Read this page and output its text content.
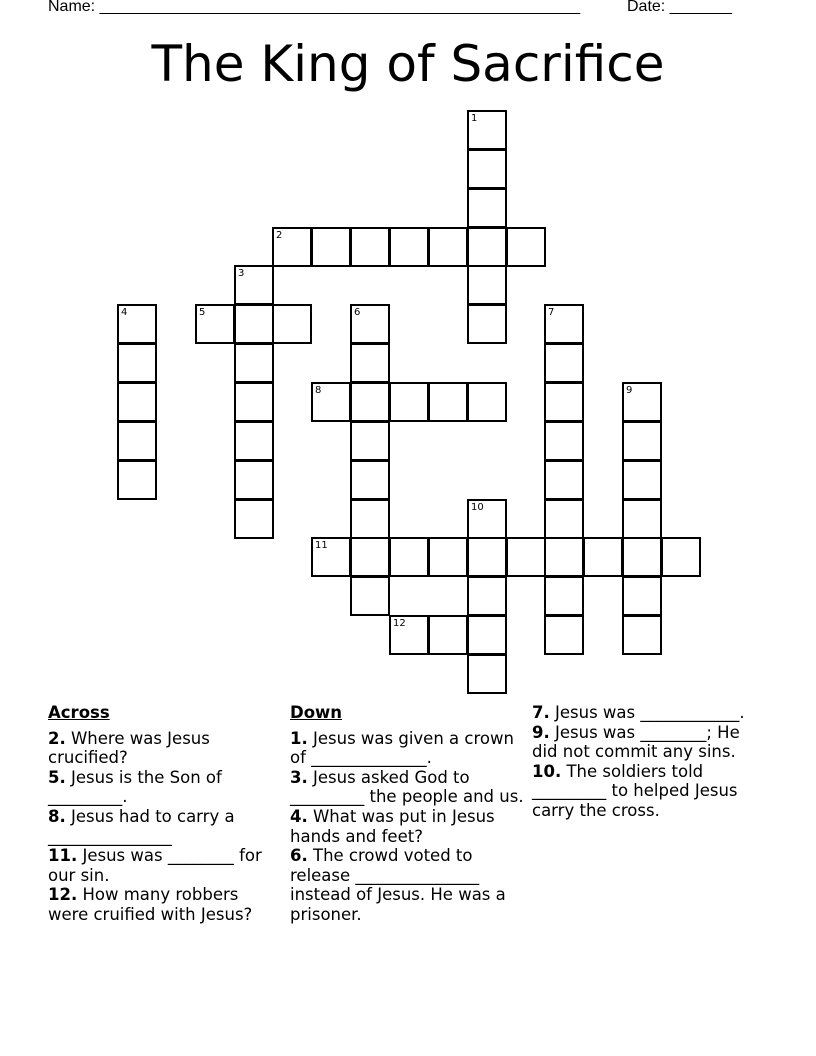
Name: ______________________________________________________	Date: _______
The King of Sacrifice
1
2
3
4	5	6	7
8	9
10
11
12
Across

2. Where was Jesus crucified?

5. Jesus is the Son of _________.

8. Jesus had to carry a _______________

11. Jesus was ________ for our sin.

12. How many robbers were cruified with Jesus?

Down

1. Jesus was given a crown of ______________.

3. Jesus asked God to _________ the people and us.

4. What was put in Jesus hands and feet?

6. The crowd voted to release _______________ instead of Jesus. He was a prisoner.

7. Jesus was ____________.

9. Jesus was ________; He did not commit any sins.

10. The soldiers told _________ to helped Jesus carry the cross.
